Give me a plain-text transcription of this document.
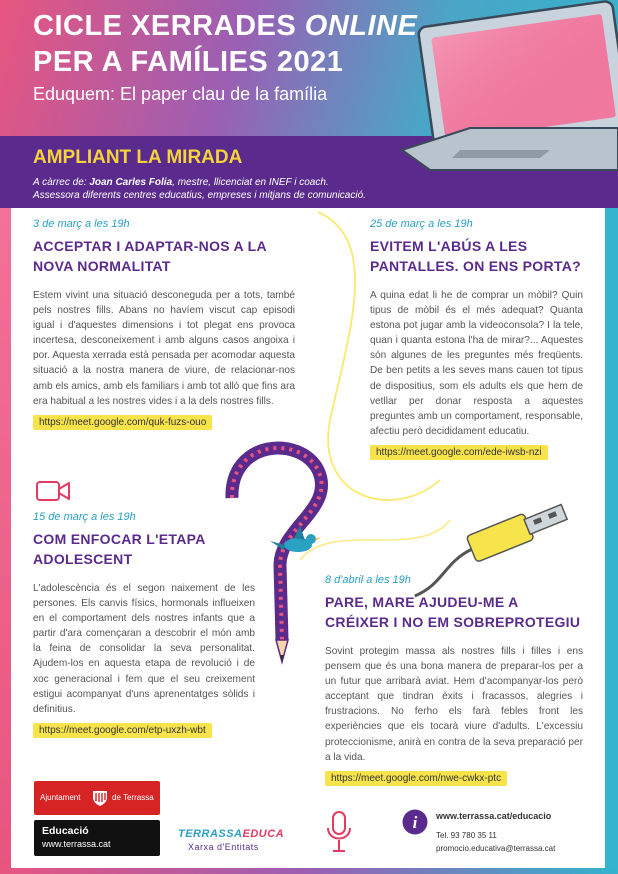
CICLE XERRADES ONLINE
PER A FAMÍLIES 2021
Eduquem: El paper clau de la família
AMPLIANT LA MIRADA
A càrrec de: Joan Carles Folia, mestre, llicenciat en INEF i coach.
Assessora diferents centres educatius, empreses i mitjans de comunicació.
3 de març a les 19h
ACCEPTAR I ADAPTAR-NOS A LA
NOVA NORMALITAT
Estem vivint una situació desconeguda per a tots, també pels nostres fills. Abans no havíem viscut cap episodi igual i d'aquestes dimensions i tot plegat ens provoca incertesa, desconeixement i amb alguns casos angoixa i por. Aquesta xerrada està pensada per acomodar aquesta situació a la nostra manera de viure, de relacionar-nos amb els amics, amb els familiars i amb tot allò que fins ara era habitual a les nostres vides i a la dels nostres fills.
https://meet.google.com/quk-fuzs-ouo
25 de març a les 19h
EVITEM L'ABÚS A LES
PANTALLES. ON ENS PORTA?
A quina edat li he de comprar un mòbil? Quin tipus de mòbil és el més adequat? Quanta estona pot jugar amb la videoconsola? I la tele, quan i quanta estona l'ha de mirar?... Aquestes són algunes de les preguntes més freqüents. De ben petits a les seves mans cauen tot tipus de dispositius, som els adults els que hem de vetllar per donar resposta a aquestes preguntes amb un comportament, responsable, afectiu però decididament educatiu.
https://meet.google.com/ede-iwsb-nzi
15 de març a les 19h
COM ENFOCAR L'ETAPA
ADOLESCENT
L'adolescència és el segon naixement de les persones. Els canvis físics, hormonals influeixen en el comportament dels nostres infants que a partir d'ara començaran a descobrir el món amb la feina de consolidar la seva personalitat. Ajudem-los en aquesta etapa de revolució i de xoc generacional i fem que el seu creixement estigui acompanyat d'uns aprenentatges sòlids i definitius.
https://meet.google.com/etp-uxzh-wbt
8 d'abril a les 19h
PARE, MARE AJUDEU-ME A
CRÉIXER I NO EM SOBREPROTEGIU
Sovint protegim massa als nostres fills i filles i ens pensem que és una bona manera de preparar-los per a un futur que arribarà aviat. Hem d'acompanyar-los però acceptant que tindran èxits i fracassos, alegries i frustracions. No ferho els farà febles front les experiències que els tocarà viure d'adults. L'excessiu proteccionisme, anirà en contra de la seva preparació per a la vida.
https://meet.google.com/nwe-cwkx-ptc
Ajuntament	de Terrassa
Educació
www.terrassa.cat
TERRASSAEDUCA
Xarxa d'Entitats
i www.terrassa.cat/educacio
Tel. 93 780 35 11
promocio.educativa@terrassa.cat
